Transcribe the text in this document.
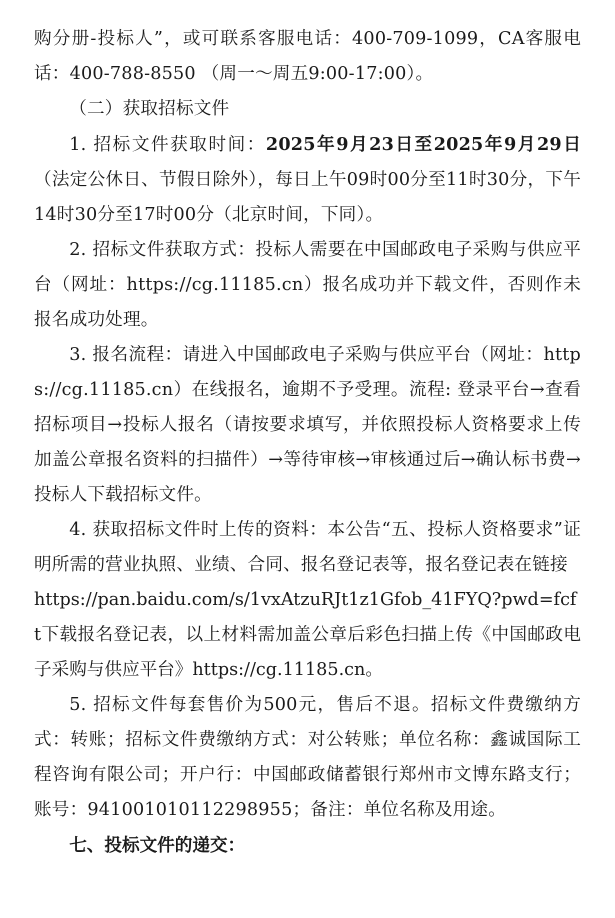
购分册-投标人”，或可联系客服电话：400-709-1099，CA客服电话：400-788-8550 （周一～周五9:00-17:00）。

（二）获取招标文件

1. 招标文件获取时间：2025年9月23日至2025年9月29日（法定公休日、节假日除外），每日上午09时00分至11时30分，下午14时30分至17时00分（北京时间，下同）。

2. 招标文件获取方式：投标人需要在中国邮政电子采购与供应平台（网址：https://cg.11185.cn）报名成功并下载文件，否则作未报名成功处理。

3. 报名流程：请进入中国邮政电子采购与供应平台（网址：https://cg.11185.cn）在线报名，逾期不予受理。流程: 登录平台→查看招标项目→投标人报名（请按要求填写，并依照投标人资格要求上传加盖公章报名资料的扫描件）→等待审核→审核通过后→确认标书费→投标人下载招标文件。

4. 获取招标文件时上传的资料：本公告“五、投标人资格要求”证明所需的营业执照、业绩、合同、报名登记表等，报名登记表在链接

https://pan.baidu.com/s/1vxAtzuRJt1z1Gfob_41FYQ?pwd=fcft下载报名登记表，以上材料需加盖公章后彩色扫描上传《中国邮政电子采购与供应平台》https://cg.11185.cn。

5. 招标文件每套售价为500元，售后不退。招标文件费缴纳方式：转账；招标文件费缴纳方式：对公转账；单位名称：鑫诚国际工程咨询有限公司；开户行：中国邮政储蓄银行郑州市文博东路支行；账号：941001010112298955；备注：单位名称及用途。

七、投标文件的递交：
